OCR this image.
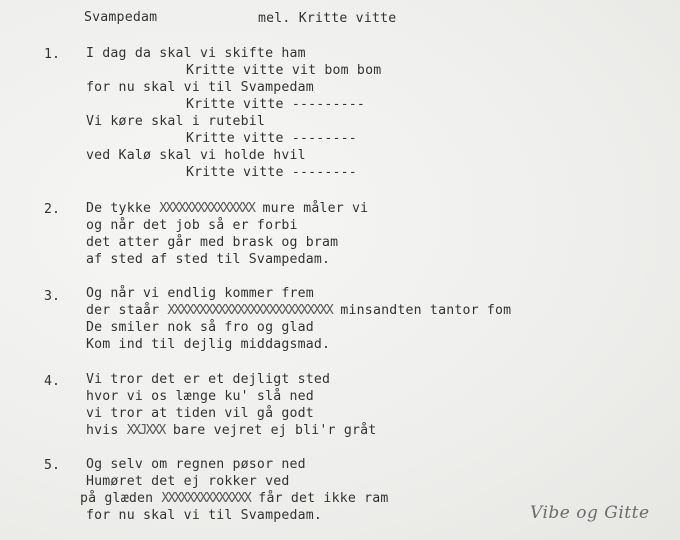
Svampedam	mel. Kritte vitte
1. I dag da skal vi skifte ham
Kritte vitte vit bom bom
for nu skal vi til Svampedam
Kritte vitte ---------
Vi køre skal i rutebil
Kritte vitte --------
ved Kalø skal vi holde hvil
Kritte vitte --------
2. De tykke XXXXXXXXXXXXXXX mure måler vi
og når det job så er forbi
det atter går med brask og bram
af sted af sted til Svampedam.
3. Og når vi endlig kommer frem
der staår XXXXXXXXXXXXXXXXXXXXXXXXXX minsandten tantor fom
De smiler nok så fro og glad
Kom ind til dejlig middagsmad.
4. Vi tror det er et dejligt sted
hvor vi os længe ku' slå ned
vi tror at tiden vil gå godt
hvis XXJXXX bare vejret ej bli'r gråt
5. Og selv om regnen pøsor ned
Humøret det ej rokker ved
på glæden XXXXXXXXXXXXXX får det ikke ram
for nu skal vi til Svampedam.	Vibe og Gitte
